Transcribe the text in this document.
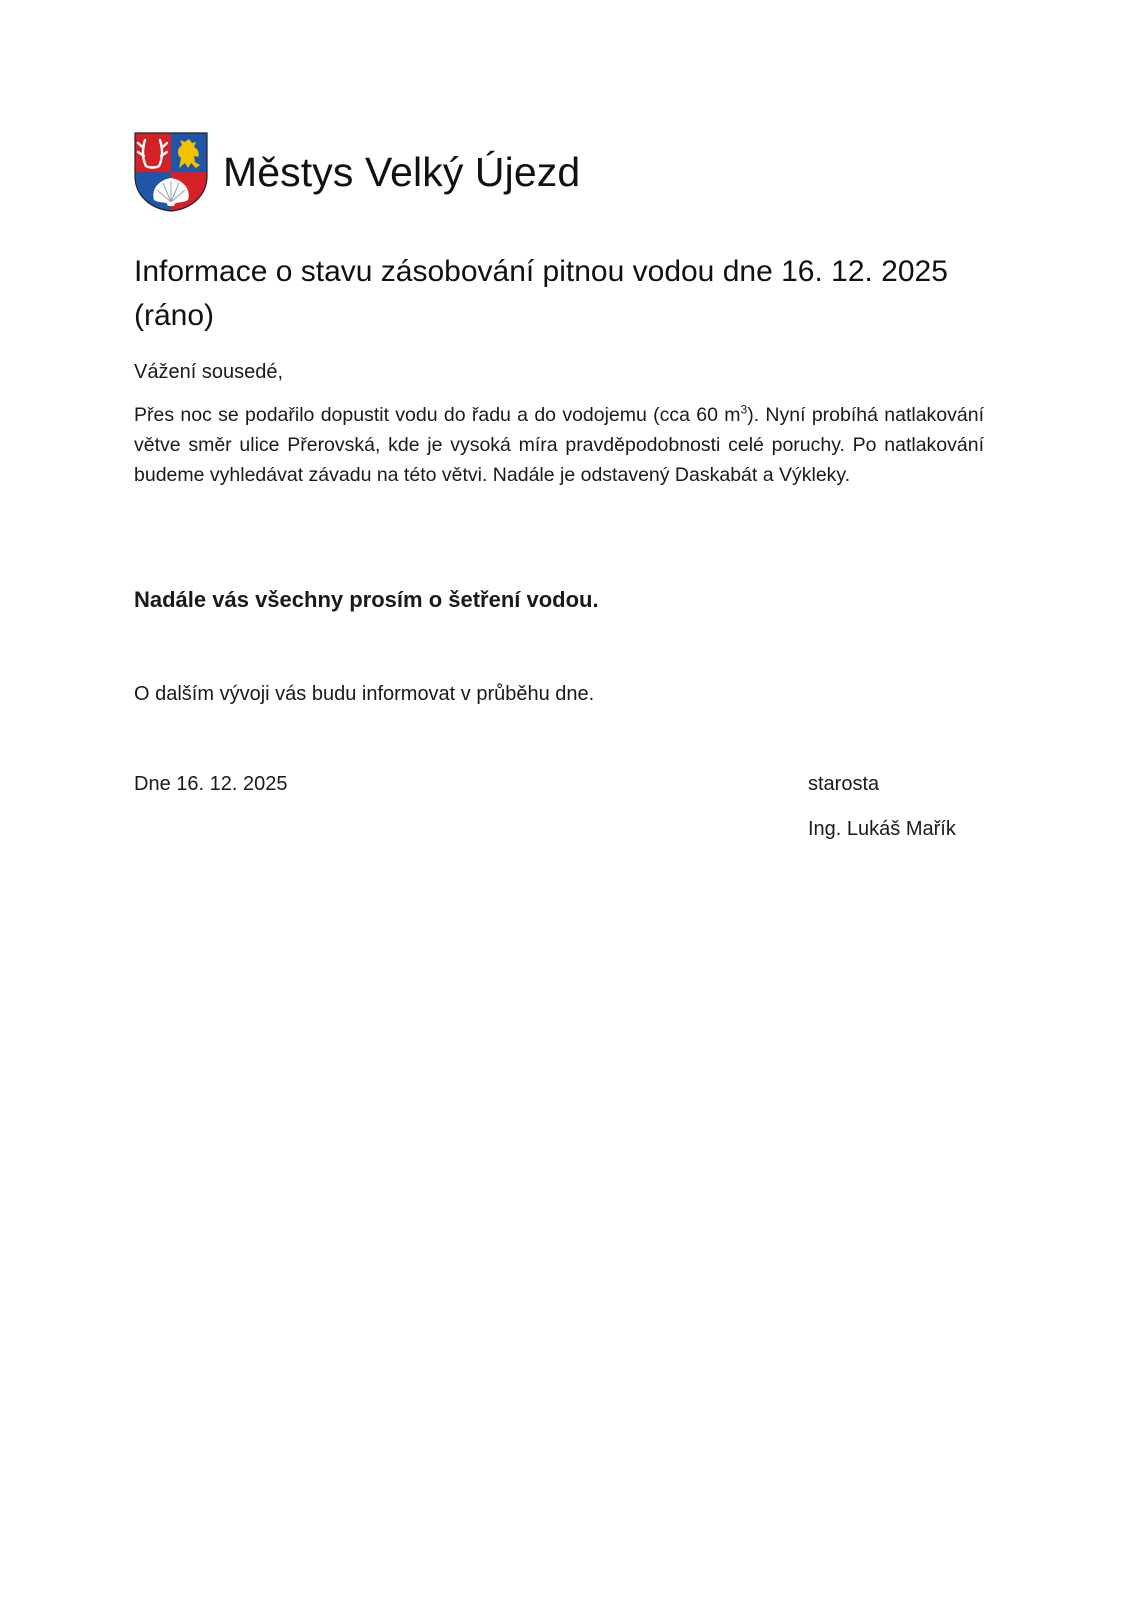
Městys Velký Újezd
Informace o stavu zásobování pitnou vodou dne 16. 12. 2025
(ráno)

Vážení sousedé,

Přes noc se podařilo dopustit vodu do řadu a do vodojemu (cca 60 $m^3$). Nyní probíhá natlakování větve směr ulice Přerovská, kde je vysoká míra pravděpodobnosti celé poruchy. Po natlakování budeme vyhledávat závadu na této větvi. Nadále je odstavený Daskabát a Výkleky.

Nadále vás všechny prosím o šetření vodou.

O dalším vývoji vás budu informovat v průběhu dne.

Dne 16. 12. 2025	starosta

Ing. Lukáš Mařík
